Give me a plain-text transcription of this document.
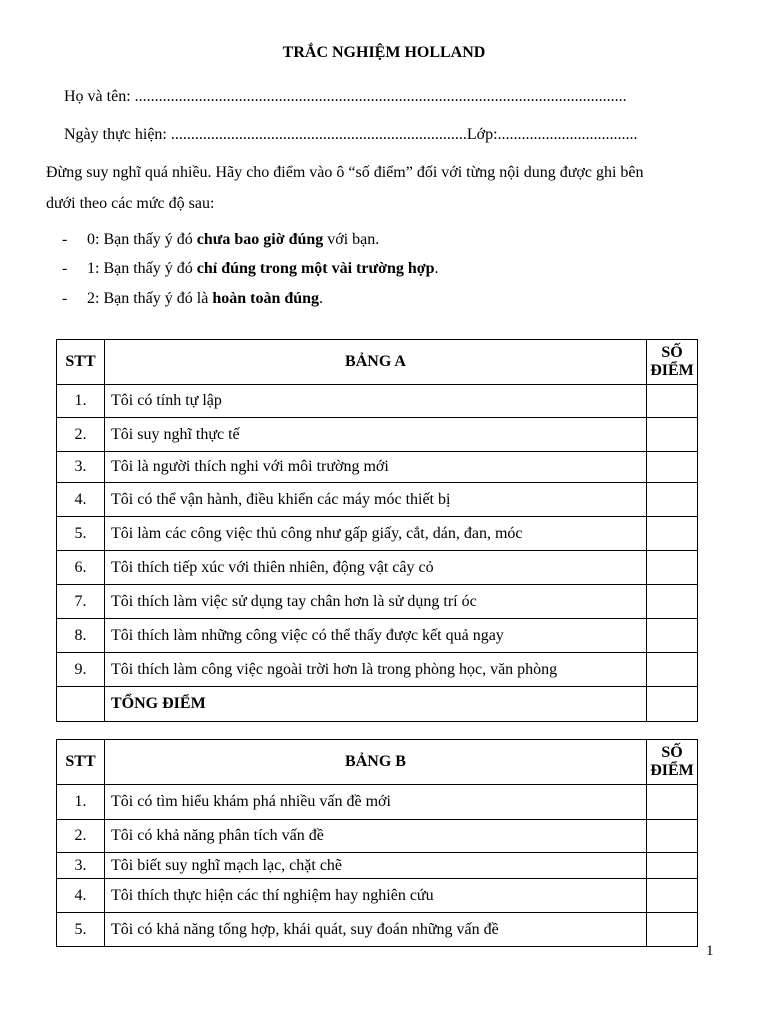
TRẮC NGHIỆM HOLLAND
Họ và tên: ...........................................................................................................................
Ngày thực hiện: ..........................................................................Lớp:...................................
Đừng suy nghĩ quá nhiều. Hãy cho điểm vào ô “số điểm” đối với từng nội dung được ghi bên
dưới theo các mức độ sau:
- 0: Bạn thấy ý đó chưa bao giờ đúng với bạn.
- 1: Bạn thấy ý đó chỉ đúng trong một vài trường hợp.
- 2: Bạn thấy ý đó là hoàn toàn đúng.
STT	BẢNG A	SỐ
ĐIỂM

1.	Tôi có tính tự lập	
2.	Tôi suy nghĩ thực tế	
3.	Tôi là người thích nghi với môi trường mới	
4.	Tôi có thể vận hành, điều khiển các máy móc thiết bị	
5.	Tôi làm các công việc thủ công như gấp giấy, cắt, dán, đan, móc	
6.	Tôi thích tiếp xúc với thiên nhiên, động vật cây cỏ	
7.	Tôi thích làm việc sử dụng tay chân hơn là sử dụng trí óc	
8.	Tôi thích làm những công việc có thể thấy được kết quả ngay	
9.	Tôi thích làm công việc ngoài trời hơn là trong phòng học, văn phòng	
	TỔNG ĐIỂM	
STT	BẢNG B	SỐ
ĐIỂM

1.	Tôi có tìm hiểu khám phá nhiều vấn đề mới	
2.	Tôi có khả năng phân tích vấn đề	
3.	Tôi biết suy nghĩ mạch lạc, chặt chẽ	
4.	Tôi thích thực hiện các thí nghiệm hay nghiên cứu	
5.	Tôi có khả năng tổng hợp, khái quát, suy đoán những vấn đề	
1
